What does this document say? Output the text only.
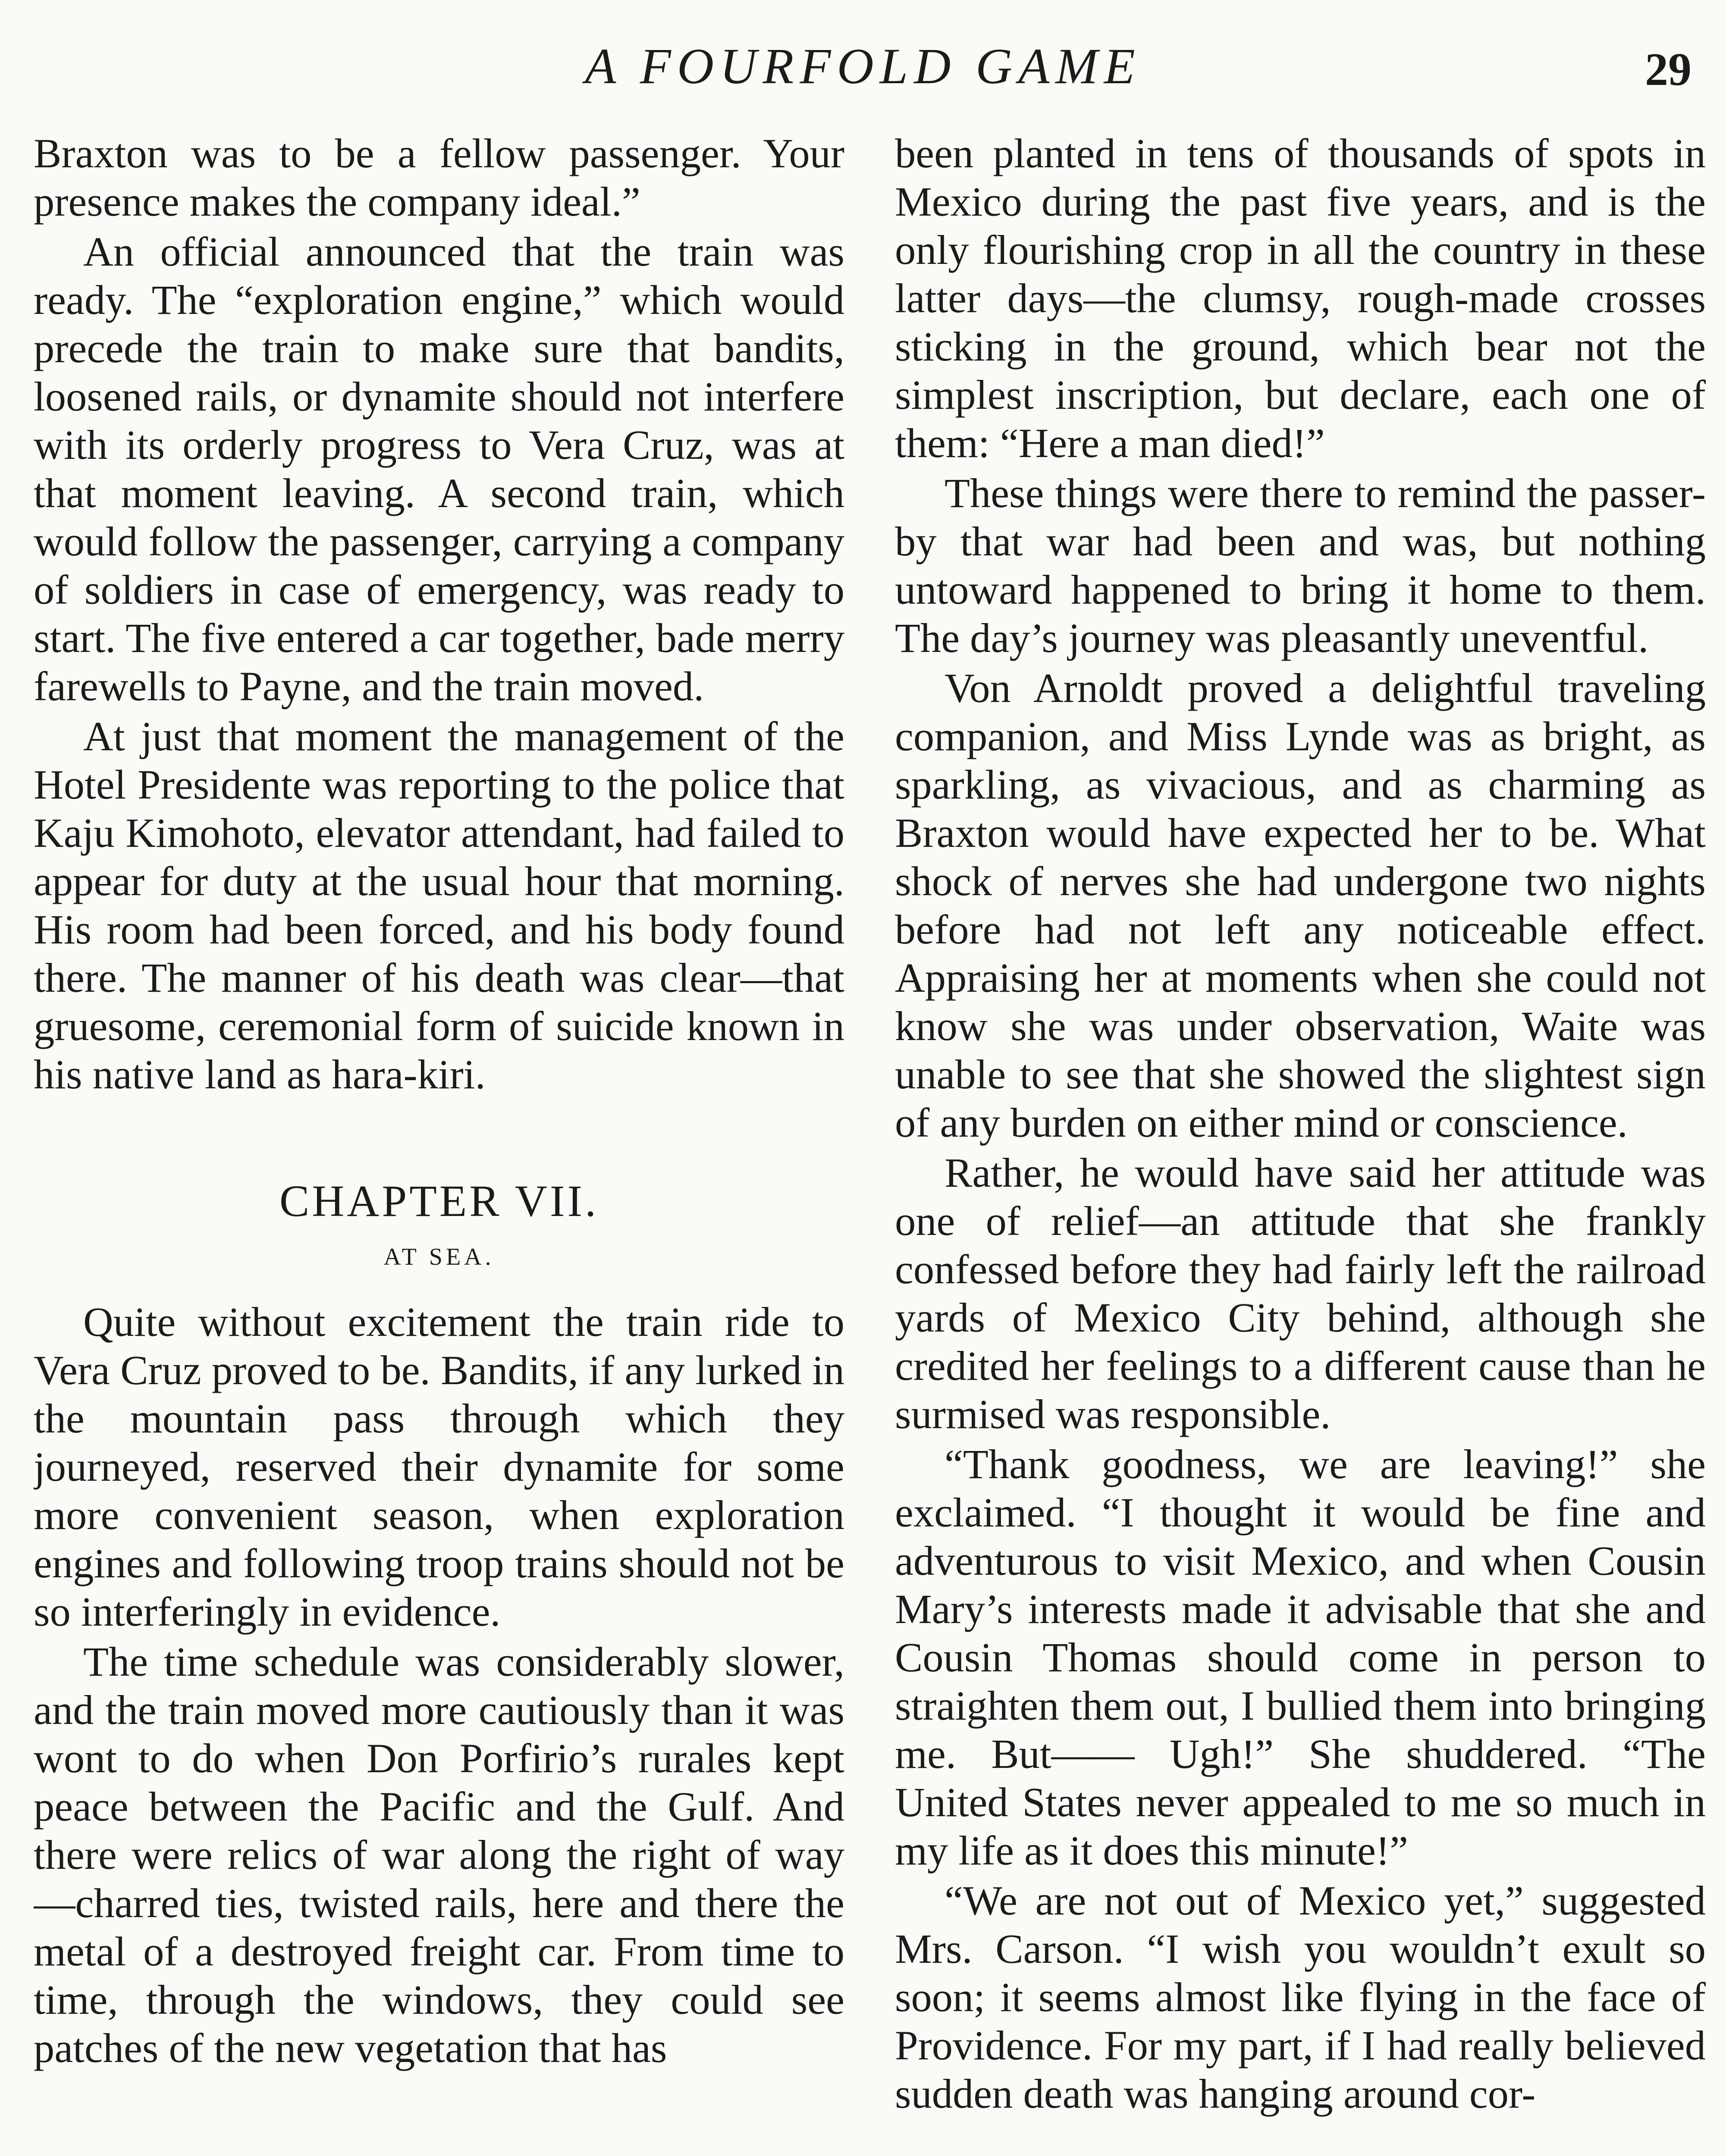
A FOURFOLD GAME	29

Braxton was to be a fellow passenger. Your presence makes the company ideal.”

An official announced that the train was ready. The “exploration engine,” which would precede the train to make sure that bandits, loosened rails, or dynamite should not interfere with its orderly progress to Vera Cruz, was at that moment leaving. A second train, which would follow the passenger, carrying a company of soldiers in case of emergency, was ready to start. The five entered a car together, bade merry farewells to Payne, and the train moved.

At just that moment the management of the Hotel Presidente was reporting to the police that Kaju Kimohoto, elevator attendant, had failed to appear for duty at the usual hour that morning. His room had been forced, and his body found there. The manner of his death was clear—that gruesome, ceremonial form of suicide known in his native land as hara-kiri.

CHAPTER VII.
AT SEA.

Quite without excitement the train ride to Vera Cruz proved to be. Bandits, if any lurked in the mountain pass through which they journeyed, reserved their dynamite for some more convenient season, when exploration engines and following troop trains should not be so interferingly in evidence.

The time schedule was considerably slower, and the train moved more cautiously than it was wont to do when Don Porfirio’s rurales kept peace between the Pacific and the Gulf. And there were relics of war along the right of way—charred ties, twisted rails, here and there the metal of a destroyed freight car. From time to time, through the windows, they could see patches of the new vegetation that has

been planted in tens of thousands of spots in Mexico during the past five years, and is the only flourishing crop in all the country in these latter days—the clumsy, rough-made crosses sticking in the ground, which bear not the simplest inscription, but declare, each one of them: “Here a man died!”

These things were there to remind the passer-by that war had been and was, but nothing untoward happened to bring it home to them. The day’s journey was pleasantly uneventful.

Von Arnoldt proved a delightful traveling companion, and Miss Lynde was as bright, as sparkling, as vivacious, and as charming as Braxton would have expected her to be. What shock of nerves she had undergone two nights before had not left any noticeable effect. Appraising her at moments when she could not know she was under observation, Waite was unable to see that she showed the slightest sign of any burden on either mind or conscience.

Rather, he would have said her attitude was one of relief—an attitude that she frankly confessed before they had fairly left the railroad yards of Mexico City behind, although she credited her feelings to a different cause than he surmised was responsible.

“Thank goodness, we are leaving!” she exclaimed. “I thought it would be fine and adventurous to visit Mexico, and when Cousin Mary’s interests made it advisable that she and Cousin Thomas should come in person to straighten them out, I bullied them into bringing me. But—— Ugh!” She shuddered. “The United States never appealed to me so much in my life as it does this minute!”

“We are not out of Mexico yet,” suggested Mrs. Carson. “I wish you wouldn’t exult so soon; it seems almost like flying in the face of Providence. For my part, if I had really believed sudden death was hanging around cor-
